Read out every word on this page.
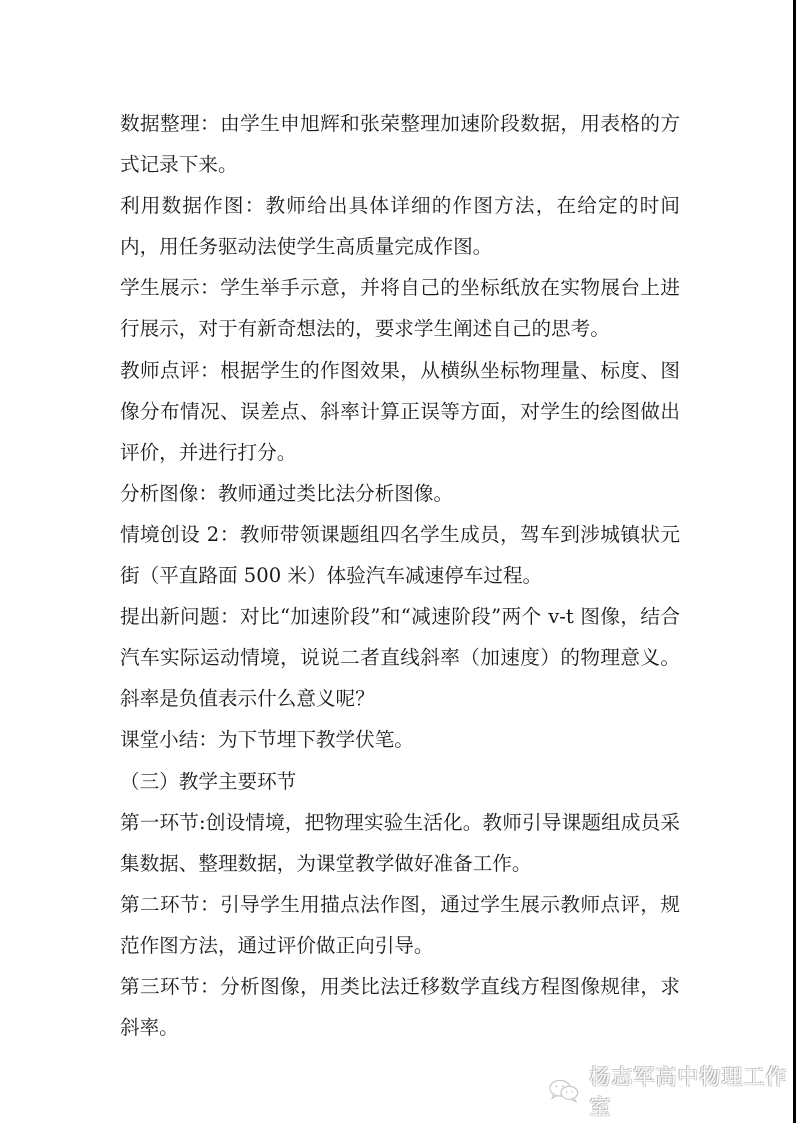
数据整理：由学生申旭辉和张荣整理加速阶段数据，用表格的方式记录下来。

利用数据作图：教师给出具体详细的作图方法，在给定的时间内，用任务驱动法使学生高质量完成作图。

学生展示：学生举手示意，并将自己的坐标纸放在实物展台上进行展示，对于有新奇想法的，要求学生阐述自己的思考。

教师点评：根据学生的作图效果，从横纵坐标物理量、标度、图像分布情况、误差点、斜率计算正误等方面，对学生的绘图做出评价，并进行打分。

分析图像：教师通过类比法分析图像。

情境创设 2：教师带领课题组四名学生成员，驾车到涉城镇状元街（平直路面 500 米）体验汽车减速停车过程。

提出新问题：对比“加速阶段”和“减速阶段”两个 v-t 图像，结合汽车实际运动情境，说说二者直线斜率（加速度）的物理意义。斜率是负值表示什么意义呢？

课堂小结：为下节埋下教学伏笔。

（三）教学主要环节

第一环节:创设情境，把物理实验生活化。教师引导课题组成员采集数据、整理数据，为课堂教学做好准备工作。

第二环节：引导学生用描点法作图，通过学生展示教师点评，规范作图方法，通过评价做正向引导。

第三环节：分析图像，用类比法迁移数学直线方程图像规律，求斜率。

杨志军高中物理工作室
